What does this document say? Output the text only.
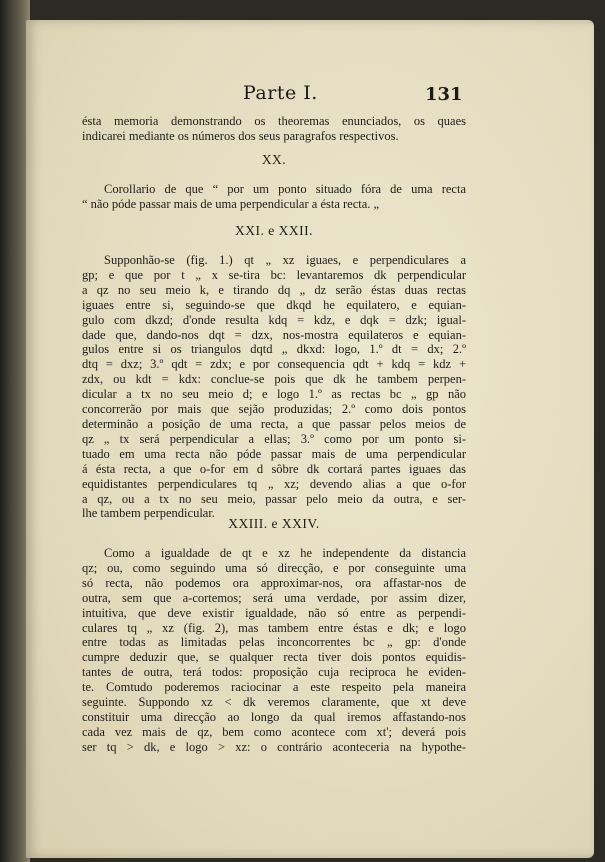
Parte I.	131
ésta memoria demonstrando os theoremas enunciados, os quaes
indicarei mediante os números dos seus paragrafos respectivos.
XX.
Corollario de que “ por um ponto situado fóra de uma recta
“ não póde passar mais de uma perpendicular a ésta recta. „
XXI. e XXII.
Supponhão-se (fig. 1.) qt „ xz iguaes, e perpendiculares a
gp; e que por t „ x se-tira bc: levantaremos dk perpendicular
a qz no seu meio k, e tirando dq „ dz serão éstas duas rectas
iguaes entre si, seguindo-se que dkqd he equilatero, e equian-
gulo com dkzd; d'onde resulta kdq = kdz, e dqk = dzk; igual-
dade que, dando-nos dqt = dzx, nos-mostra equilateros e equian-
gulos entre si os triangulos dqtd „ dkxd: logo, 1.º dt = dx; 2.º
dtq = dxz; 3.º qdt = zdx; e por consequencia qdt + kdq = kdz +
zdx, ou kdt = kdx: conclue-se pois que dk he tambem perpen-
dicular a tx no seu meio d; e logo 1.º as rectas bc „ gp não
concorrerão por mais que sejão produzidas; 2.º como dois pontos
determinão a posição de uma recta, a que passar pelos meios de
qz „ tx será perpendicular a ellas; 3.º como por um ponto si-
tuado em uma recta não póde passar mais de uma perpendicular
á ésta recta, a que o-for em d sôbre dk cortará partes iguaes das
equidistantes perpendiculares tq „ xz; devendo alias a que o-for
a qz, ou a tx no seu meio, passar pelo meio da outra, e ser-
lhe tambem perpendicular.
XXIII. e XXIV.
Como a igualdade de qt e xz he independente da distancia
qz; ou, como seguindo uma só direcção, e por conseguinte uma
só recta, não podemos ora approximar-nos, ora affastar-nos de
outra, sem que a-cortemos; será uma verdade, por assim dizer,
intuitiva, que deve existir igualdade, não só entre as perpendi-
culares tq „ xz (fig. 2), mas tambem entre éstas e dk; e logo
entre todas as limitadas pelas inconcorrentes bc „ gp: d'onde
cumpre deduzir que, se qualquer recta tiver dois pontos equidis-
tantes de outra, terá todos: proposição cuja reciproca he eviden-
te. Comtudo poderemos raciocinar a este respeito pela maneira
seguinte. Suppondo xz < dk veremos claramente, que xt deve
constituir uma direcção ao longo da qual iremos affastando-nos
cada vez mais de qz, bem como acontece com xt'; deverá pois
ser tq > dk, e logo > xz: o contrário aconteceria na hypothe-
